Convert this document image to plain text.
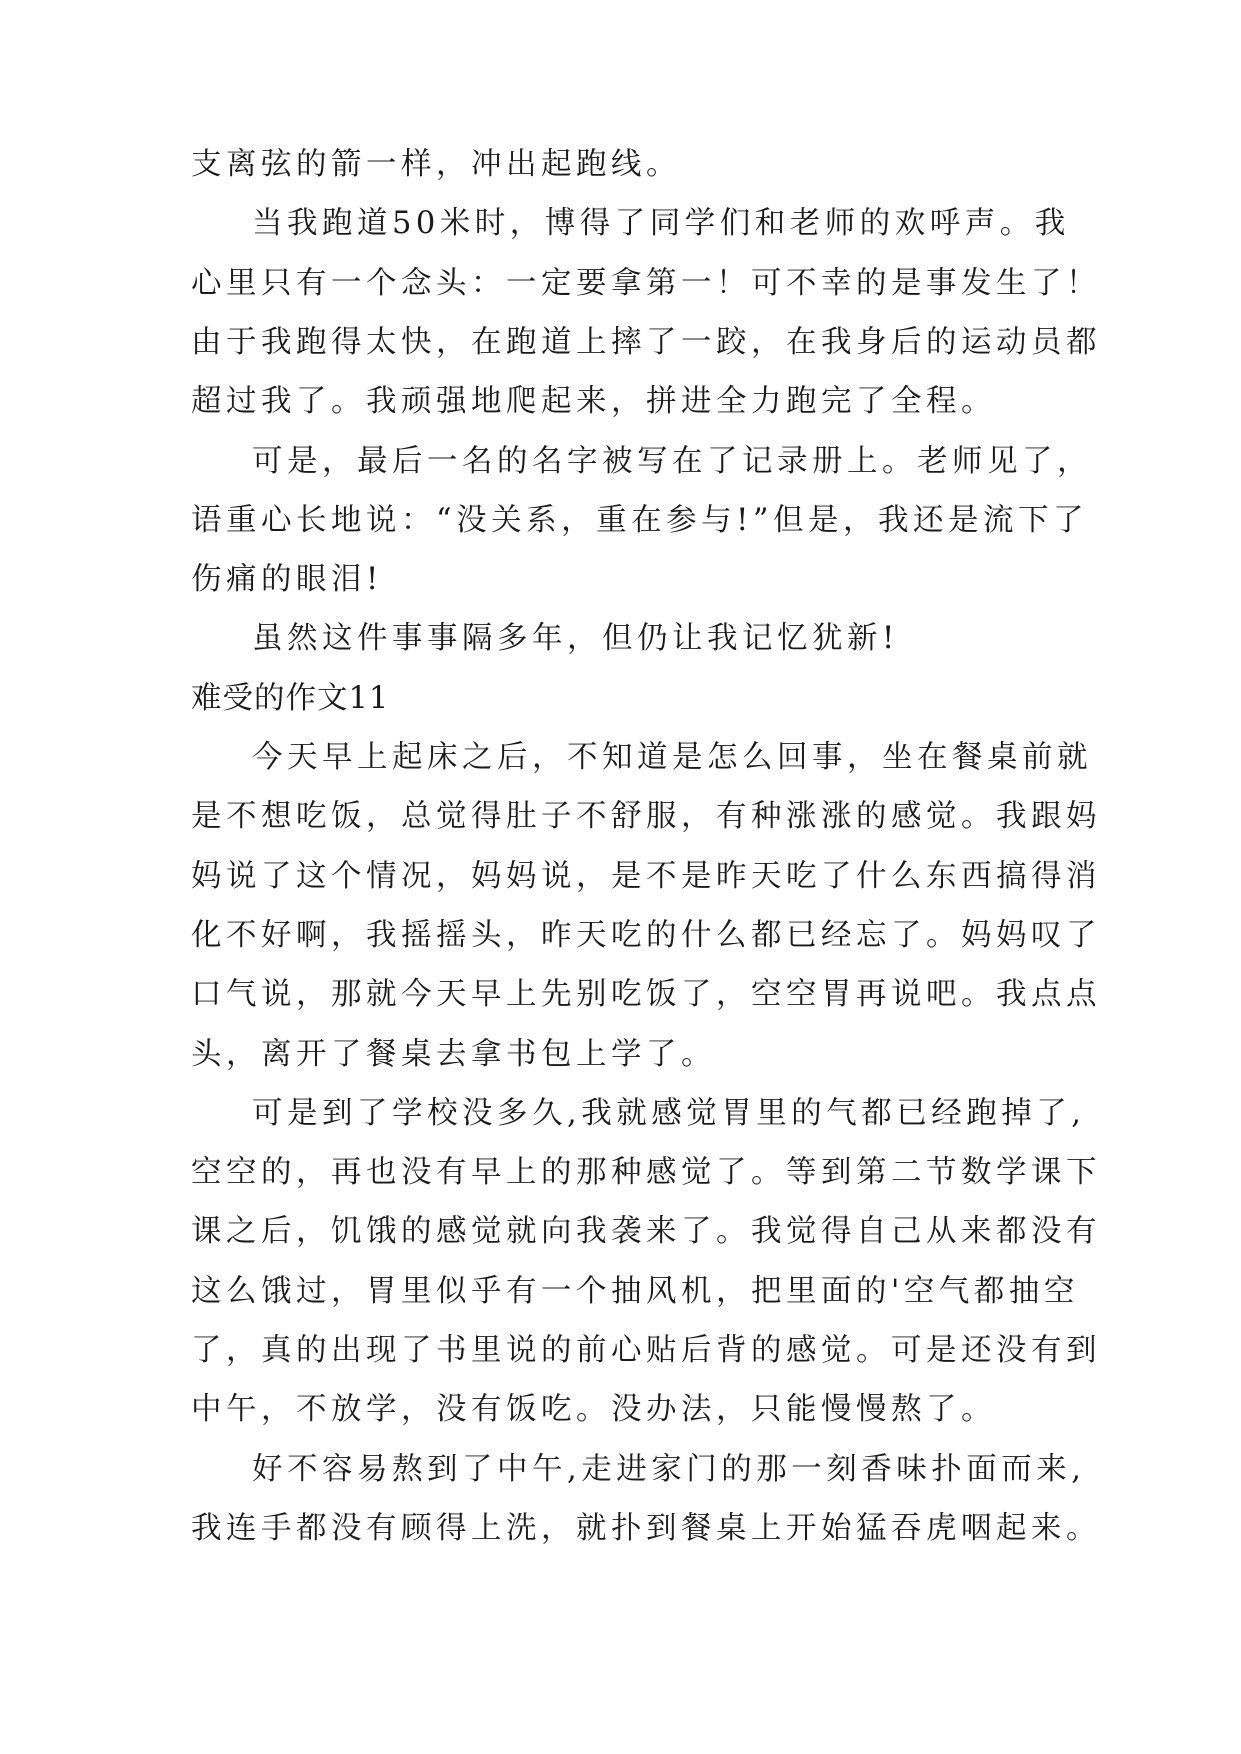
支离弦的箭一样，冲出起跑线。
当我跑道50米时，博得了同学们和老师的欢呼声。我
心里只有一个念头：一定要拿第一！可不幸的是事发生了！
由于我跑得太快，在跑道上摔了一跤，在我身后的运动员都
超过我了。我顽强地爬起来，拼进全力跑完了全程。
可是，最后一名的名字被写在了记录册上。老师见了，
语重心长地说：“没关系，重在参与!”但是，我还是流下了
伤痛的眼泪!
虽然这件事事隔多年，但仍让我记忆犹新!
难受的作文11
今天早上起床之后，不知道是怎么回事，坐在餐桌前就
是不想吃饭，总觉得肚子不舒服，有种涨涨的感觉。我跟妈
妈说了这个情况，妈妈说，是不是昨天吃了什么东西搞得消
化不好啊，我摇摇头，昨天吃的什么都已经忘了。妈妈叹了
口气说，那就今天早上先别吃饭了，空空胃再说吧。我点点
头，离开了餐桌去拿书包上学了。
可是到了学校没多久,我就感觉胃里的气都已经跑掉了,
空空的，再也没有早上的那种感觉了。等到第二节数学课下
课之后，饥饿的感觉就向我袭来了。我觉得自己从来都没有
这么饿过，胃里似乎有一个抽风机，把里面的'空气都抽空
了，真的出现了书里说的前心贴后背的感觉。可是还没有到
中午，不放学，没有饭吃。没办法，只能慢慢熬了。
好不容易熬到了中午,走进家门的那一刻香味扑面而来,
我连手都没有顾得上洗，就扑到餐桌上开始猛吞虎咽起来。
